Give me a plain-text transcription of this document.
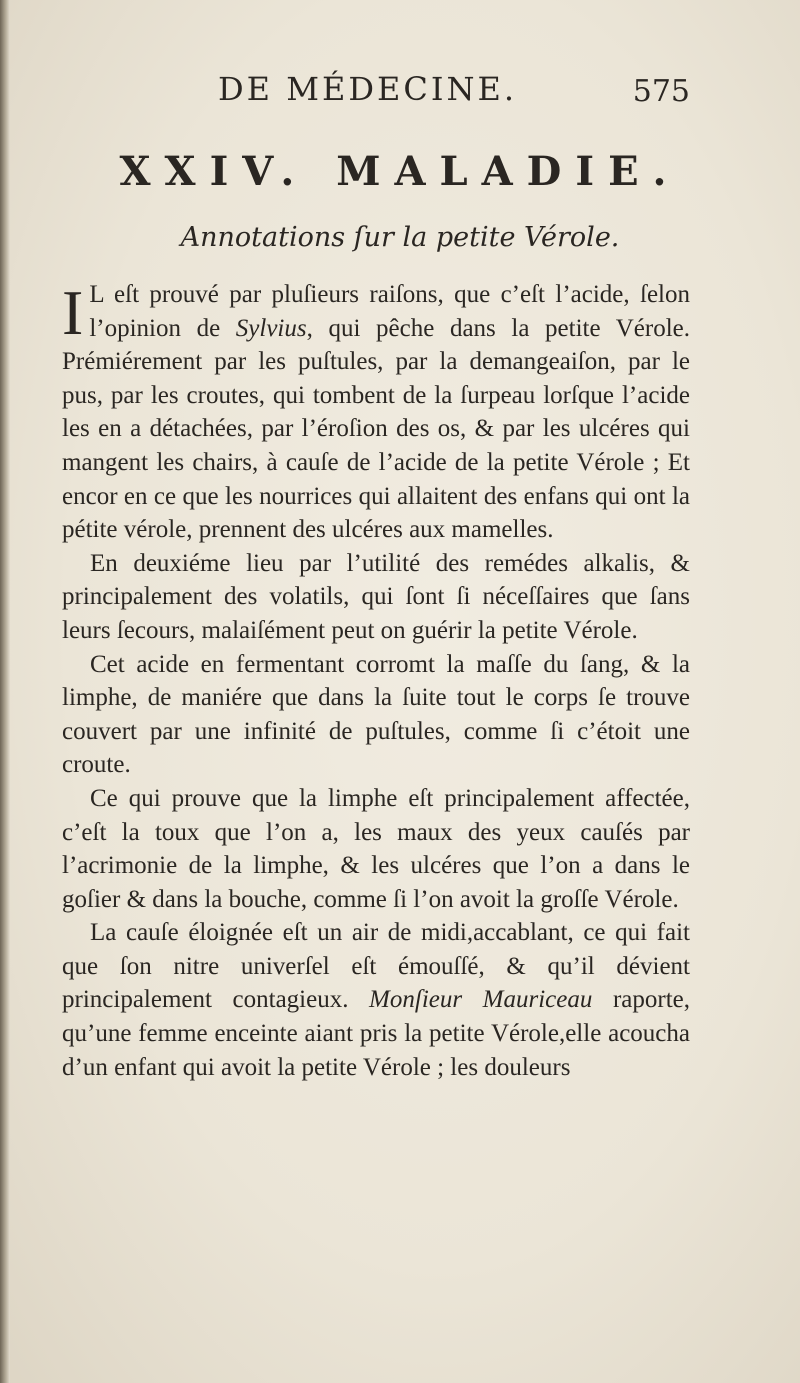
DE MÉDECINE.	575
XXIV. MALADIE.
Annotations ſur la petite Vérole.

I L eſt prouvé par pluſieurs raiſons, que c’eſt l’acide, ſelon l’opinion de Sylvius, qui pêche dans la petite Vérole. Prémiérement par les puſtules, par la demangeaiſon, par le pus, par les croutes, qui tombent de la ſurpeau lorſque l’acide les en a détachées, par l’éroſion des os, & par les ulcéres qui mangent les chairs, à cauſe de l’acide de la petite Vérole ; Et encor en ce que les nourrices qui allaitent des enfans qui ont la pétite vérole, prennent des ulcéres aux mamelles.

En deuxiéme lieu par l’utilité des remédes alkalis, & principalement des volatils, qui ſont ſi néceſſaires que ſans leurs ſecours, malaiſément peut on guérir la petite Vérole.

Cet acide en fermentant corromt la maſſe du ſang, & la limphe, de maniére que dans la ſuite tout le corps ſe trouve couvert par une infinité de puſtules, comme ſi c’étoit une croute.

Ce qui prouve que la limphe eſt principalement affectée, c’eſt la toux que l’on a, les maux des yeux cauſés par l’acrimonie de la limphe, & les ulcéres que l’on a dans le goſier & dans la bouche, comme ſi l’on avoit la groſſe Vérole.

La cauſe éloignée eſt un air de midi,accablant, ce qui fait que ſon nitre univerſel eſt émouſſé, & qu’il dévient principalement contagieux. Monſieur Mauriceau raporte, qu’une femme enceinte aiant pris la petite Vérole,elle acoucha d’un enfant qui avoit la petite Vérole ; les douleurs
